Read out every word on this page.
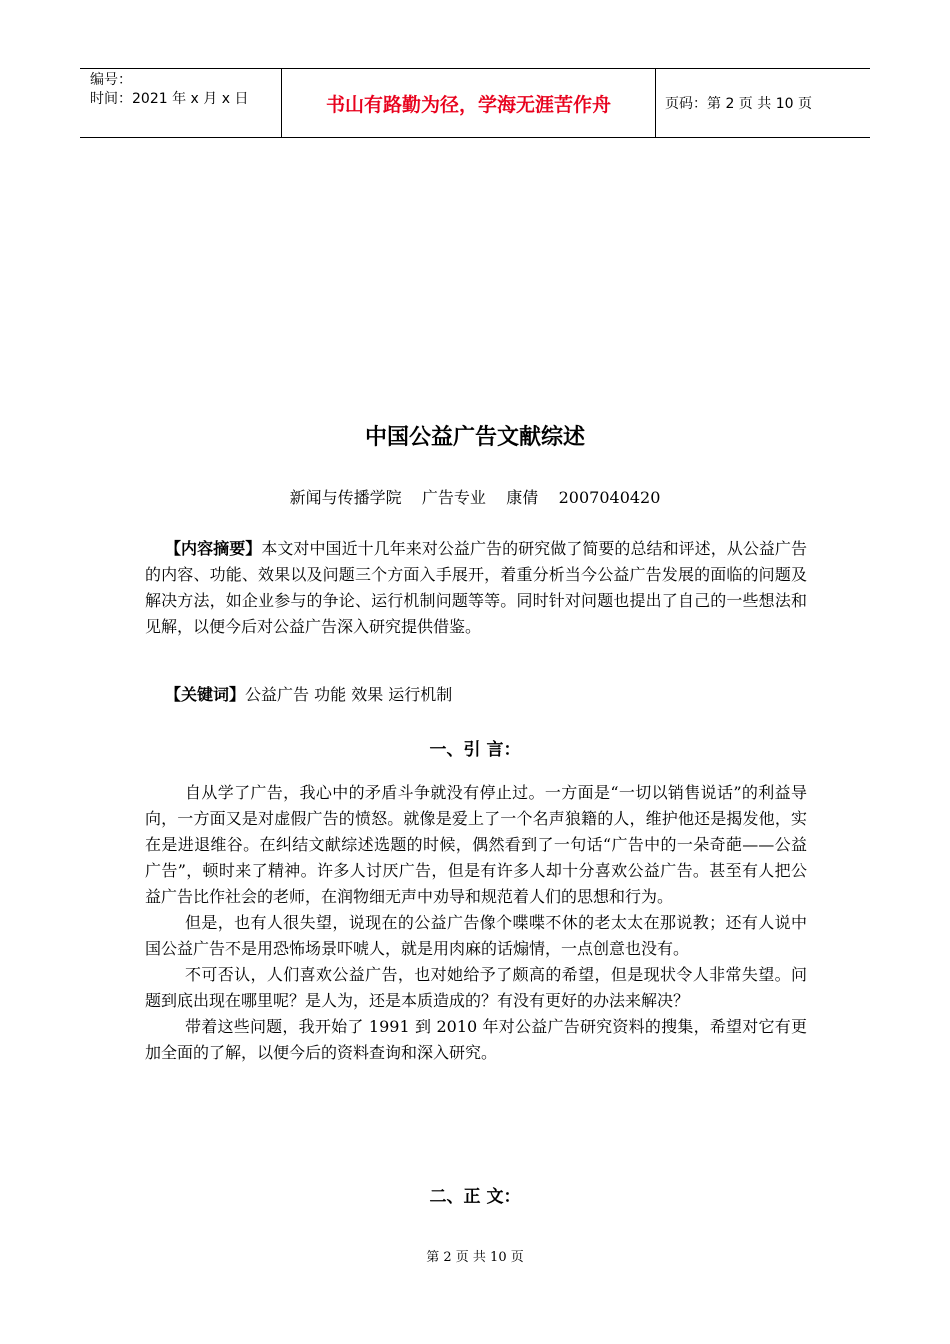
编号：
时间：2021 年 x 月 x 日	书山有路勤为径，学海无涯苦作舟	页码：第 2 页 共 10 页
中国公益广告文献综述
新闻与传播学院    广告专业    康倩    2007040420
【内容摘要】本文对中国近十几年来对公益广告的研究做了简要的总结和评述，从公益广告的内容、功能、效果以及问题三个方面入手展开，着重分析当今公益广告发展的面临的问题及解决方法，如企业参与的争论、运行机制问题等等。同时针对问题也提出了自己的一些想法和见解，以便今后对公益广告深入研究提供借鉴。
【关键词】公益广告 功能 效果 运行机制
一、引 言：

自从学了广告，我心中的矛盾斗争就没有停止过。一方面是“一切以销售说话”的利益导向，一方面又是对虚假广告的愤怒。就像是爱上了一个名声狼籍的人，维护他还是揭发他，实在是进退维谷。在纠结文献综述选题的时候，偶然看到了一句话“广告中的一朵奇葩——公益广告”，顿时来了精神。许多人讨厌广告，但是有许多人却十分喜欢公益广告。甚至有人把公益广告比作社会的老师，在润物细无声中劝导和规范着人们的思想和行为。

但是，也有人很失望，说现在的公益广告像个喋喋不休的老太太在那说教；还有人说中国公益广告不是用恐怖场景吓唬人，就是用肉麻的话煽情，一点创意也没有。

不可否认，人们喜欢公益广告，也对她给予了颇高的希望，但是现状令人非常失望。问题到底出现在哪里呢？是人为，还是本质造成的？有没有更好的办法来解决？

带着这些问题，我开始了 1991 到 2010 年对公益广告研究资料的搜集，希望对它有更加全面的了解，以便今后的资料查询和深入研究。

二、正 文：
第 2 页 共 10 页
